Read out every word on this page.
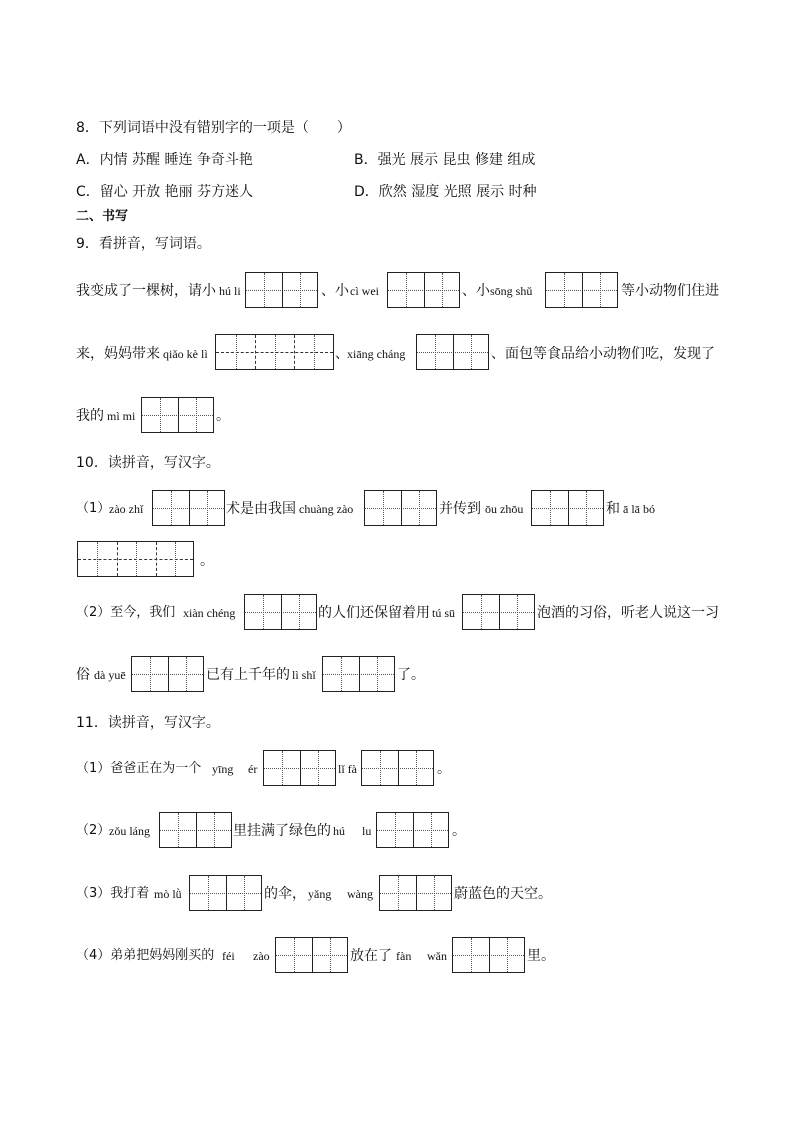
8．下列词语中没有错别字的一项是（　　）
A．内情 苏醒 睡连 争奇斗艳	B．强光 展示 昆虫 修建 组成
C．留心 开放 艳丽 芬方迷人	D．欣然 湿度 光照 展示 时种
二、书写
9．看拼音，写词语。
我变成了一棵树，请小 hú li	、小 cì wei	、小 sōng shǔ	等小动物们住进
来，妈妈带来 qiǎo kè lì	、
xiāng cháng	、面包等食品给小动物们吃，发现了
我的 mì mi	。
10．读拼音，写汉字。
（1）
zào zhǐ	术是由我国 chuàng zào	并传到 ōu zhōu	和 ā lā bó
。
（2）至今，我们 xiàn chéng	的人们还保留着用 tú sū	泡酒的习俗，听老人说这一习
俗 dà yuē	已有上千年的 lì shǐ	了。
11．读拼音，写汉字。
（1）爸爸正在为一个 yīng ér	lǐ fà	。
（2）
zǒu láng	里挂满了绿色的 hú lu	。
（3）我打着 mò lǜ	的伞， yǎng wàng	蔚蓝色的天空。
（4）弟弟把妈妈刚买的 féi zào	放在了 fàn wǎn	里。
